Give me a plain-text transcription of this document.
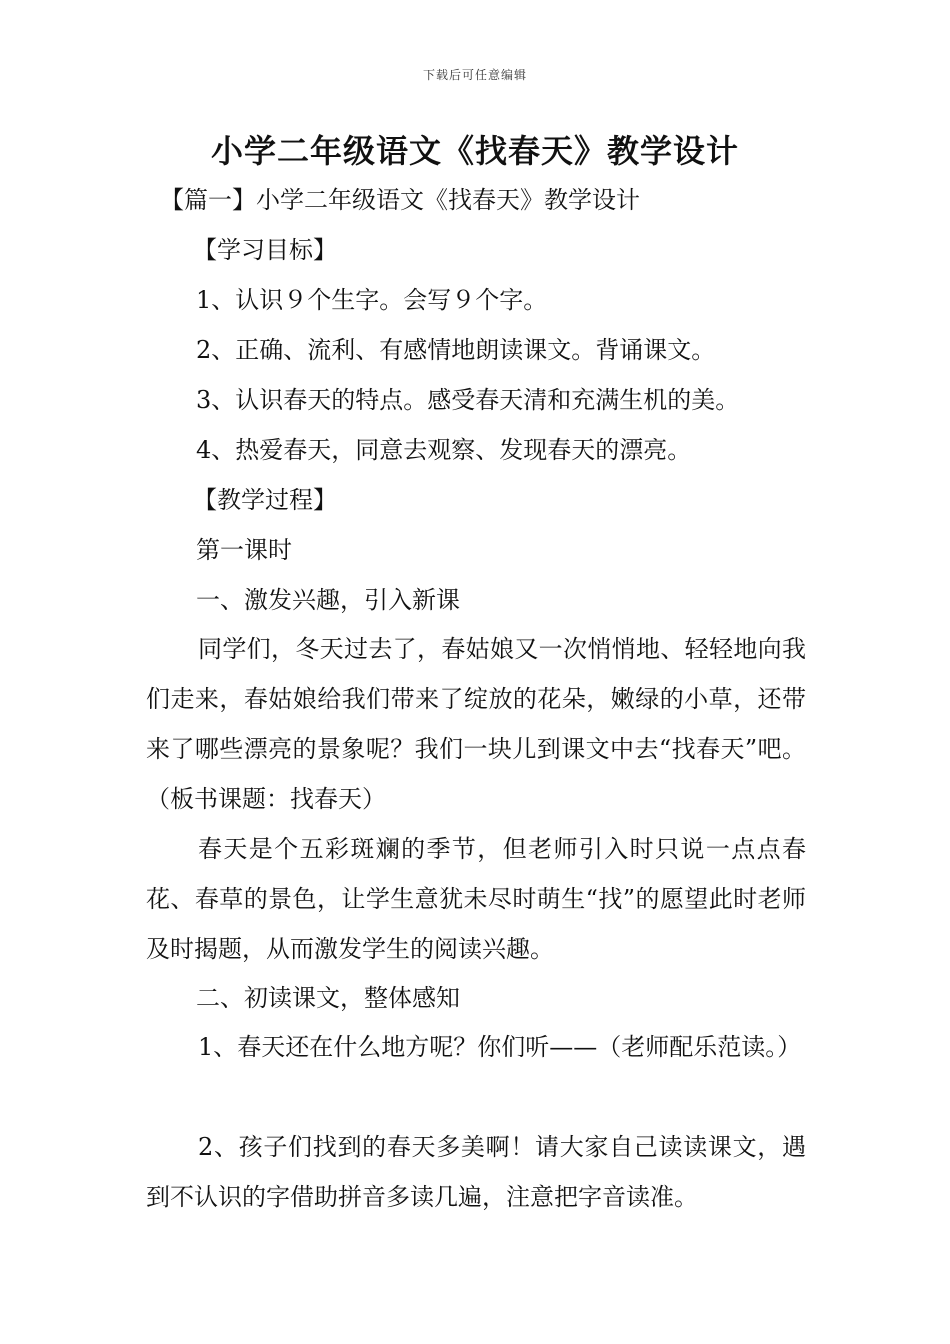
下载后可任意编辑
小学二年级语文《找春天》教学设计
【篇一】小学二年级语文《找春天》教学设计
【学习目标】
1、认识９个生字。会写９个字。
2、正确、流利、有感情地朗读课文。背诵课文。
3、认识春天的特点。感受春天清和充满生机的美。
4、热爱春天，同意去观察、发现春天的漂亮。
【教学过程】
第一课时
一、激发兴趣，引入新课

同学们，冬天过去了，春姑娘又一次悄悄地、轻轻地向我们走来，春姑娘给我们带来了绽放的花朵，嫩绿的小草，还带来了哪些漂亮的景象呢？我们一块儿到课文中去“找春天”吧。（板书课题：找春天）

春天是个五彩斑斓的季节，但老师引入时只说一点点春花、春草的景色，让学生意犹未尽时萌生“找”的愿望此时老师及时揭题，从而激发学生的阅读兴趣。

二、初读课文，整体感知

1、春天还在什么地方呢？你们听——（老师配乐范读。）

2、孩子们找到的春天多美啊！请大家自己读读课文，遇到不认识的字借助拼音多读几遍，注意把字音读准。
